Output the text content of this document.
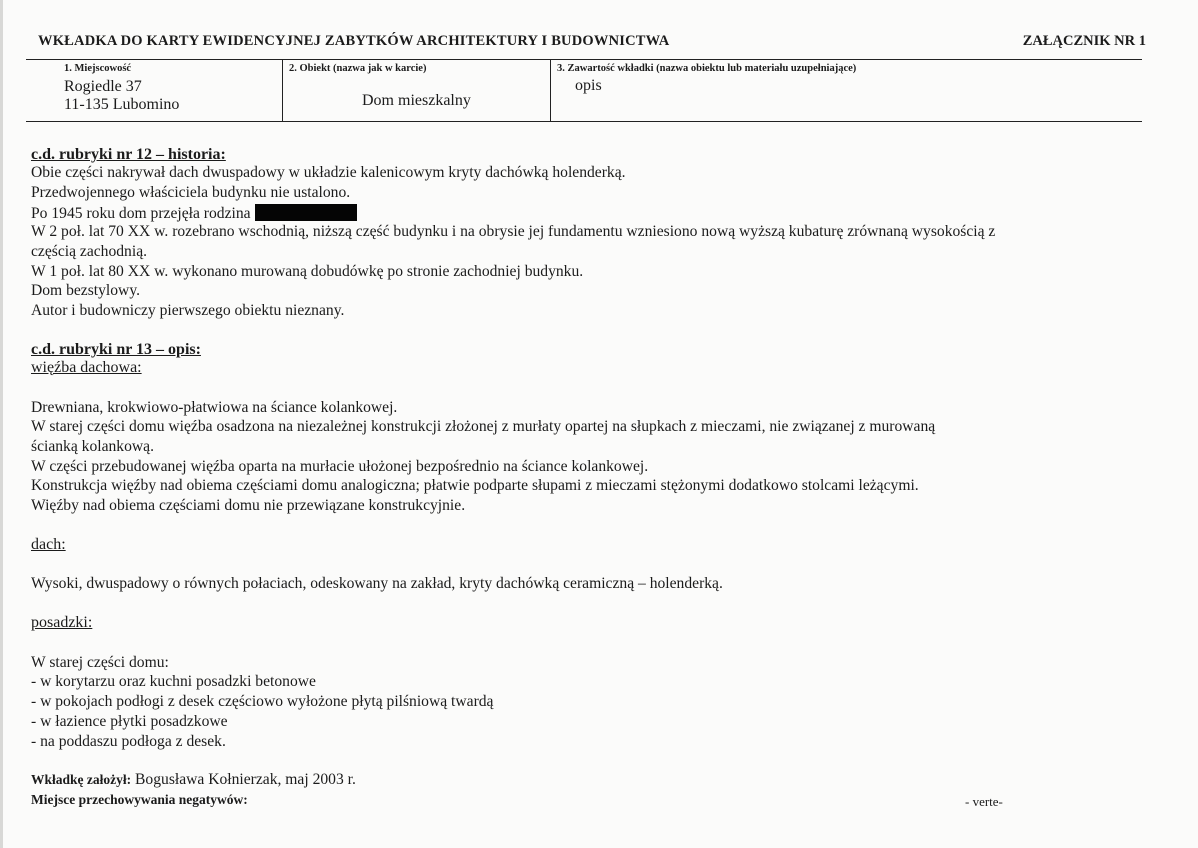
WKŁADKA DO KARTY EWIDENCYJNEJ ZABYTKÓW ARCHITEKTURY I BUDOWNICTWA	ZAŁĄCZNIK NR 1
1. Miejscowość
Rogiedle 37
11-135 Lubomino
2. Obiekt (nazwa jak w karcie)
Dom mieszkalny
3. Zawartość wkładki (nazwa obiektu lub materiału uzupełniające)
opis
c.d. rubryki nr 12 – historia:
Obie części nakrywał dach dwuspadowy w układzie kalenicowym kryty dachówką holenderką.
Przedwojennego właściciela budynku nie ustalono.
Po 1945 roku dom przejęła rodzina
W 2 poł. lat 70 XX w. rozebrano wschodnią, niższą część budynku i na obrysie jej fundamentu wzniesiono nową wyższą kubaturę zrównaną wysokością z
częścią zachodnią.
W 1 poł. lat 80 XX w. wykonano murowaną dobudówkę po stronie zachodniej budynku.
Dom bezstylowy.
Autor i budowniczy pierwszego obiektu nieznany.
c.d. rubryki nr 13 – opis:
więźba dachowa:
Drewniana, krokwiowo-płatwiowa na ściance kolankowej.
W starej części domu więźba osadzona na niezależnej konstrukcji złożonej z murłaty opartej na słupkach z mieczami, nie związanej z murowaną
ścianką kolankową.
W części przebudowanej więźba oparta na murłacie ułożonej bezpośrednio na ściance kolankowej.
Konstrukcja więźby nad obiema częściami domu analogiczna; płatwie podparte słupami z mieczami stężonymi dodatkowo stolcami leżącymi.
Więźby nad obiema częściami domu nie przewiązane konstrukcyjnie.
dach:
Wysoki, dwuspadowy o równych połaciach, odeskowany na zakład, kryty dachówką ceramiczną – holenderką.
posadzki:
W starej części domu:
- w korytarzu oraz kuchni posadzki betonowe
- w pokojach podłogi z desek częściowo wyłożone płytą pilśniową twardą
- w łazience płytki posadzkowe
- na poddaszu podłoga z desek.
Wkładkę założył: Bogusława Kołnierzak, maj 2003 r.
Miejsce przechowywania negatywów:	- verte-
